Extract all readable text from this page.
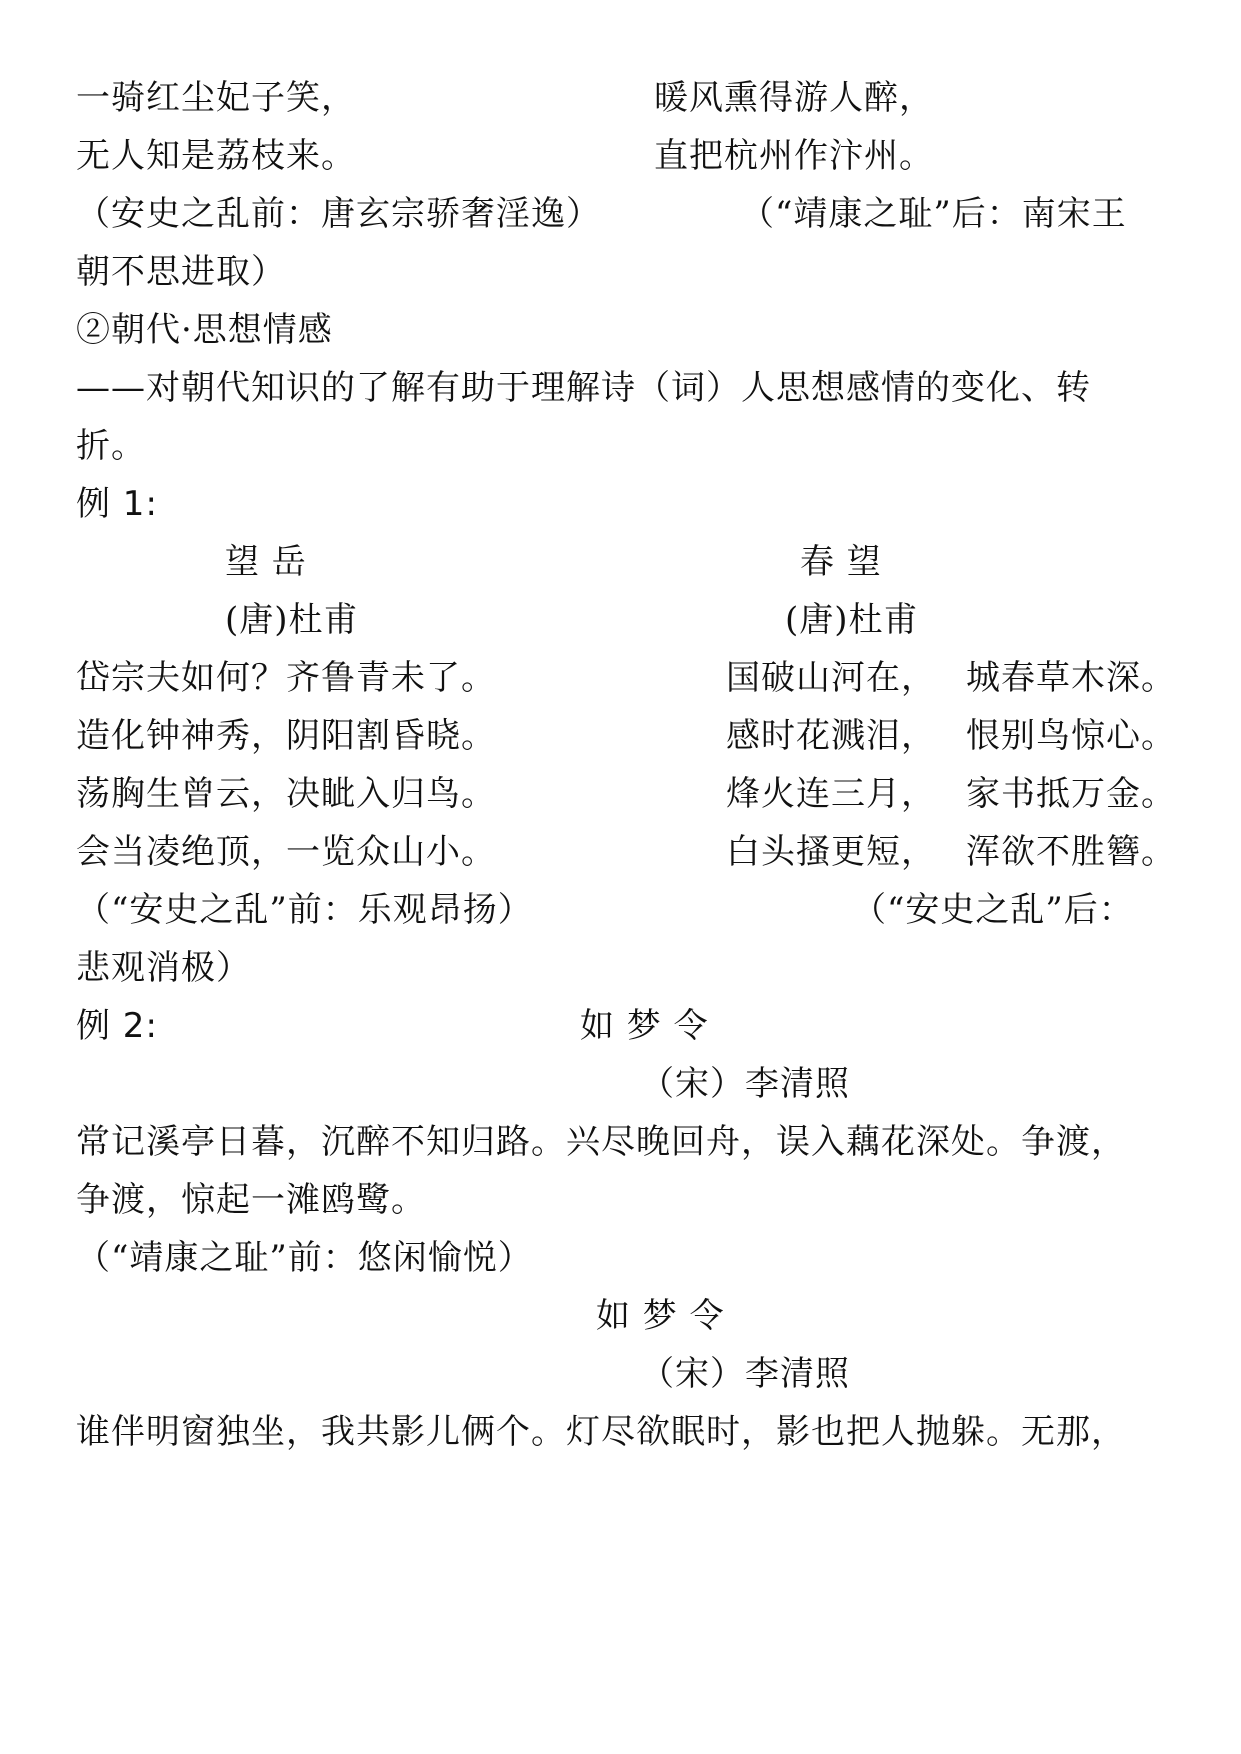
一骑红尘妃子笑，	暖风熏得游人醉，
无人知是荔枝来。	直把杭州作汴州。
（安史之乱前：唐玄宗骄奢淫逸）	（“靖康之耻”后：南宋王
朝不思进取）
②朝代·思想情感
——对朝代知识的了解有助于理解诗（词）人思想感情的变化、转
折。
例 1:
望 岳	春 望
(唐)杜甫	(唐)杜甫
岱宗夫如何？齐鲁青未了。	国破山河在， 城春草木深。
造化钟神秀，阴阳割昏晓。	感时花溅泪， 恨别鸟惊心。
荡胸生曾云，决眦入归鸟。	烽火连三月， 家书抵万金。
会当凌绝顶，一览众山小。	白头搔更短， 浑欲不胜簪。
（“安史之乱”前：乐观昂扬）	（“安史之乱”后：
悲观消极）
例 2:	如 梦 令
（宋）李清照
常记溪亭日暮，沉醉不知归路。兴尽晚回舟，误入藕花深处。争渡，
争渡，惊起一滩鸥鹭。
（“靖康之耻”前：悠闲愉悦）
如 梦 令
（宋）李清照
谁伴明窗独坐，我共影儿俩个。灯尽欲眠时，影也把人抛躲。无那，
